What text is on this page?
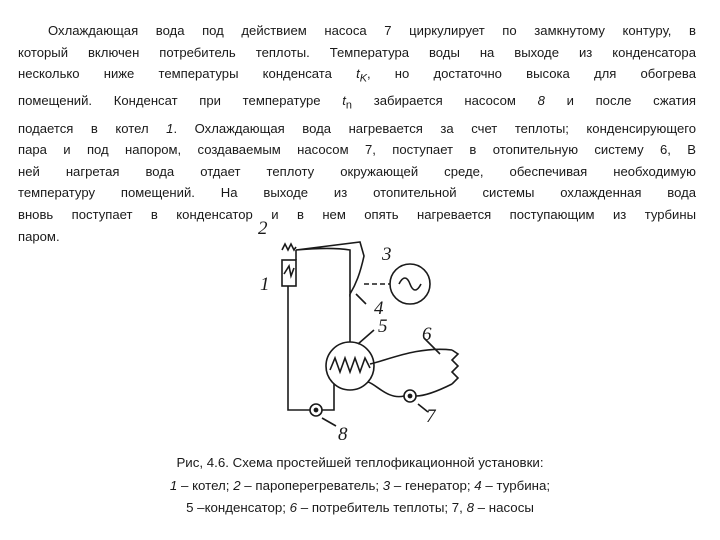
Охлаждающая вода под действием насоса 7 циркулирует по замкнутому контуру, в
который включен потребитель теплоты. Температура воды на выходе из конденсатора
несколько ниже температуры конденсата $t_K$, но достаточно высока для обогрева
помещений. Конденсат при температуре $t_n$ забирается насосом 8 и после сжатия
подается в котел 1. Охлаждающая вода нагревается за счет теплоты; конденсирующего
пара и под напором, создаваемым насосом 7, поступает в отопительную систему 6, В
ней нагретая вода отдает теплоту окружающей среде, обеспечивая необходимую
температуру помещений. На выходе из отопительной системы охлажденная вода
вновь поступает в конденсатор и в нем опять нагревается поступающим из турбины
паром.	2
1
3
4
5 6
7
8
Рис, 4.6. Схема простейшей теплофикационной установки:
1 – котел; 2 – пароперегреватель; 3 – генератор; 4 – турбина;
5 –конденсатор; 6 – потребитель теплоты; 7, 8 – насосы
